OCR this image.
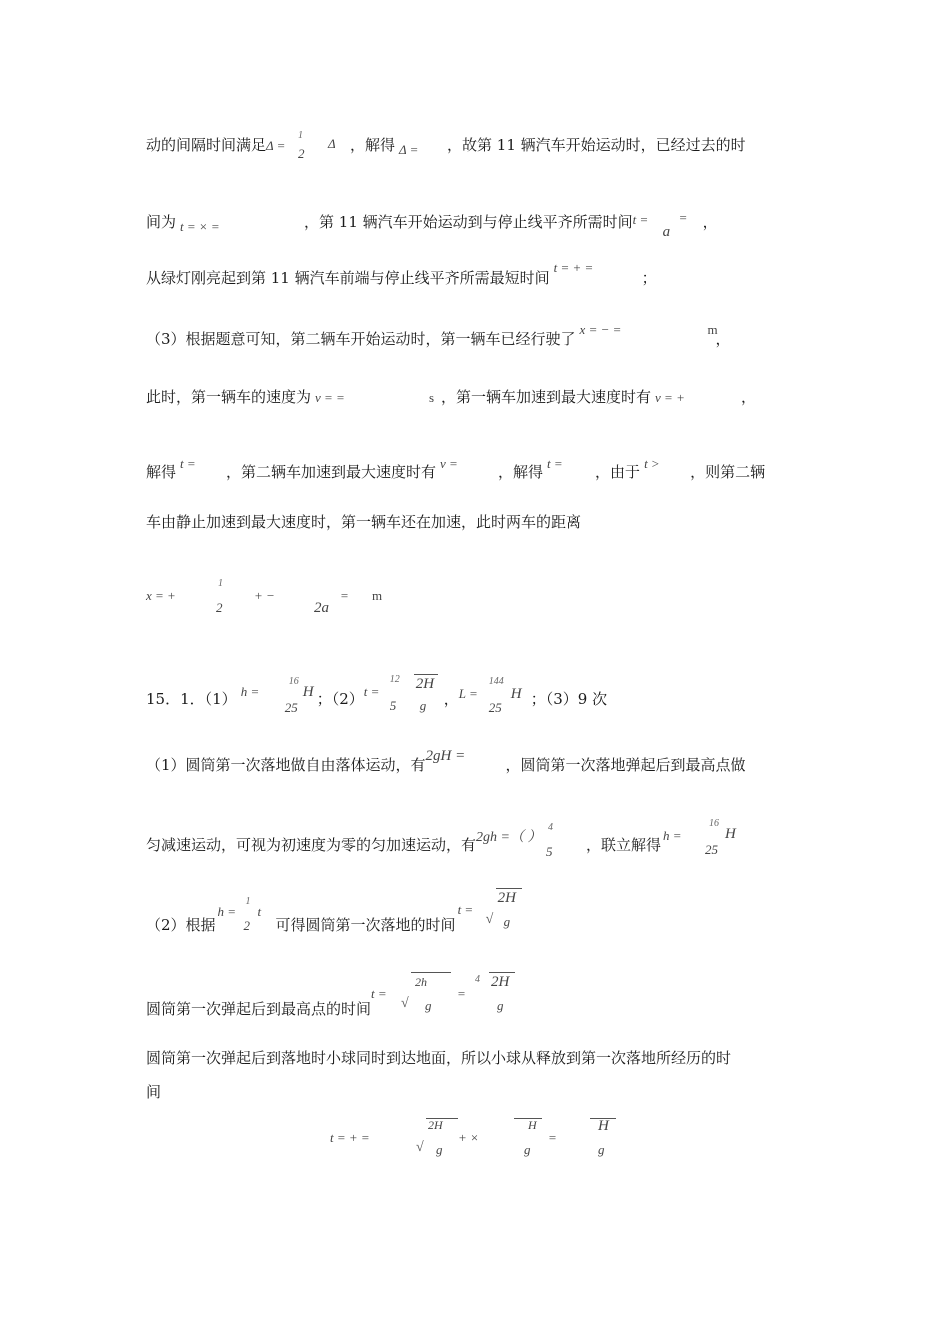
动的间隔时间满足 Δ =
1
2
Δ ，解得 Δ = ，故第 11 辆汽车开始运动时，已经过去的时
间为 t = × =	，第 11 辆汽车开始运动到与停止线平齐所需时间 t =
a
= ，
从绿灯刚亮起到第 11 辆汽车前端与停止线平齐所需最短时间
t = + =
；
（3）根据题意可知，第二辆车开始运动时，第一辆车已经行驶了
x = − =	m
，
此时，第一辆车的速度为 v = =	s ，第一辆车加速到最大速度时有 v = +	，
解得 t = ，第二辆车加速到最大速度时有 v =	，解得 t = ，由于 t > ，则第二辆
车由静止加速到最大速度时，第一辆车还在加速，此时两车的距离
x = +
1
2
+ −
2a
= m
15．1．（1） h =
16
25
H ；（2） t =
12
5
2H
g ， L =
144
25
H ；（3）9 次
（1）圆筒第一次落地做自由落体运动，有 2gH =	，圆筒第一次落地弹起后到最高点做
匀减速运动，可视为初速度为零的匀加速运动，有 2gh =（ ）
4
5 ，联立解得
h =
16
25
H
（2）根据
h =
1
2
t
可得圆筒第一次落地的时间
t =
√
2H
g
圆筒第一次弹起后到最高点的时间
t =
√
2h
g
=
4 2H
g
圆筒第一次弹起后到落地时小球同时到达地面，所以小球从释放到第一次落地所经历的时
间
t = + =
√
2H
g
+ ×
H
g
=
H
g
